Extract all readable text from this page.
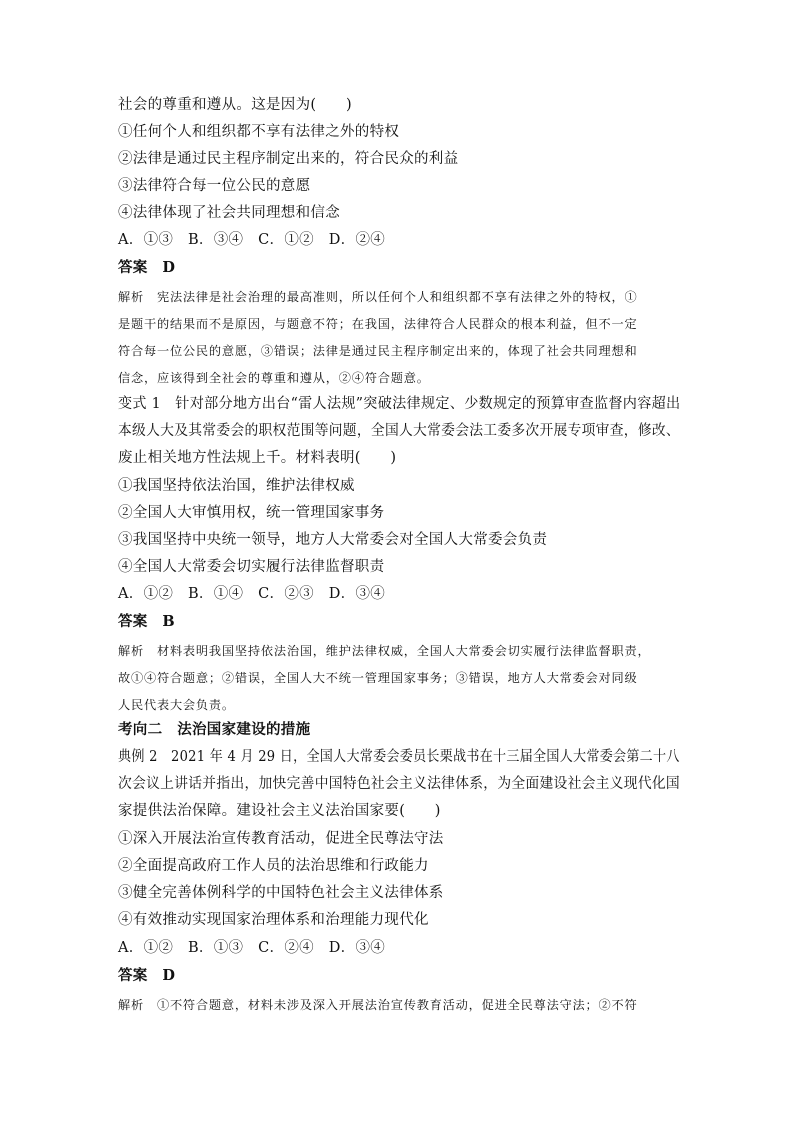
社会的尊重和遵从。这是因为(　　)
①任何个人和组织都不享有法律之外的特权
②法律是通过民主程序制定出来的，符合民众的利益
③法律符合每一位公民的意愿
④法律体现了社会共同理想和信念
A．①③　B．③④　C．①②　D．②④
答案　D
解析　宪法法律是社会治理的最高准则，所以任何个人和组织都不享有法律之外的特权，①
是题干的结果而不是原因，与题意不符；在我国，法律符合人民群众的根本利益，但不一定
符合每一位公民的意愿，③错误；法律是通过民主程序制定出来的，体现了社会共同理想和
信念，应该得到全社会的尊重和遵从，②④符合题意。
变式 1　针对部分地方出台“雷人法规”突破法律规定、少数规定的预算审查监督内容超出
本级人大及其常委会的职权范围等问题，全国人大常委会法工委多次开展专项审查，修改、
废止相关地方性法规上千。材料表明(　　)
①我国坚持依法治国，维护法律权威
②全国人大审慎用权，统一管理国家事务
③我国坚持中央统一领导，地方人大常委会对全国人大常委会负责
④全国人大常委会切实履行法律监督职责
A．①②　B．①④　C．②③　D．③④
答案　B
解析　材料表明我国坚持依法治国，维护法律权威，全国人大常委会切实履行法律监督职责，
故①④符合题意；②错误，全国人大不统一管理国家事务；③错误，地方人大常委会对同级
人民代表大会负责。
考向二　法治国家建设的措施
典例 2　2021 年 4 月 29 日，全国人大常委会委员长栗战书在十三届全国人大常委会第二十八
次会议上讲话并指出，加快完善中国特色社会主义法律体系，为全面建设社会主义现代化国
家提供法治保障。建设社会主义法治国家要(　　)
①深入开展法治宣传教育活动，促进全民尊法守法
②全面提高政府工作人员的法治思维和行政能力
③健全完善体例科学的中国特色社会主义法律体系
④有效推动实现国家治理体系和治理能力现代化
A．①②　B．①③　C．②④　D．③④
答案　D
解析　①不符合题意，材料未涉及深入开展法治宣传教育活动，促进全民尊法守法；②不符
